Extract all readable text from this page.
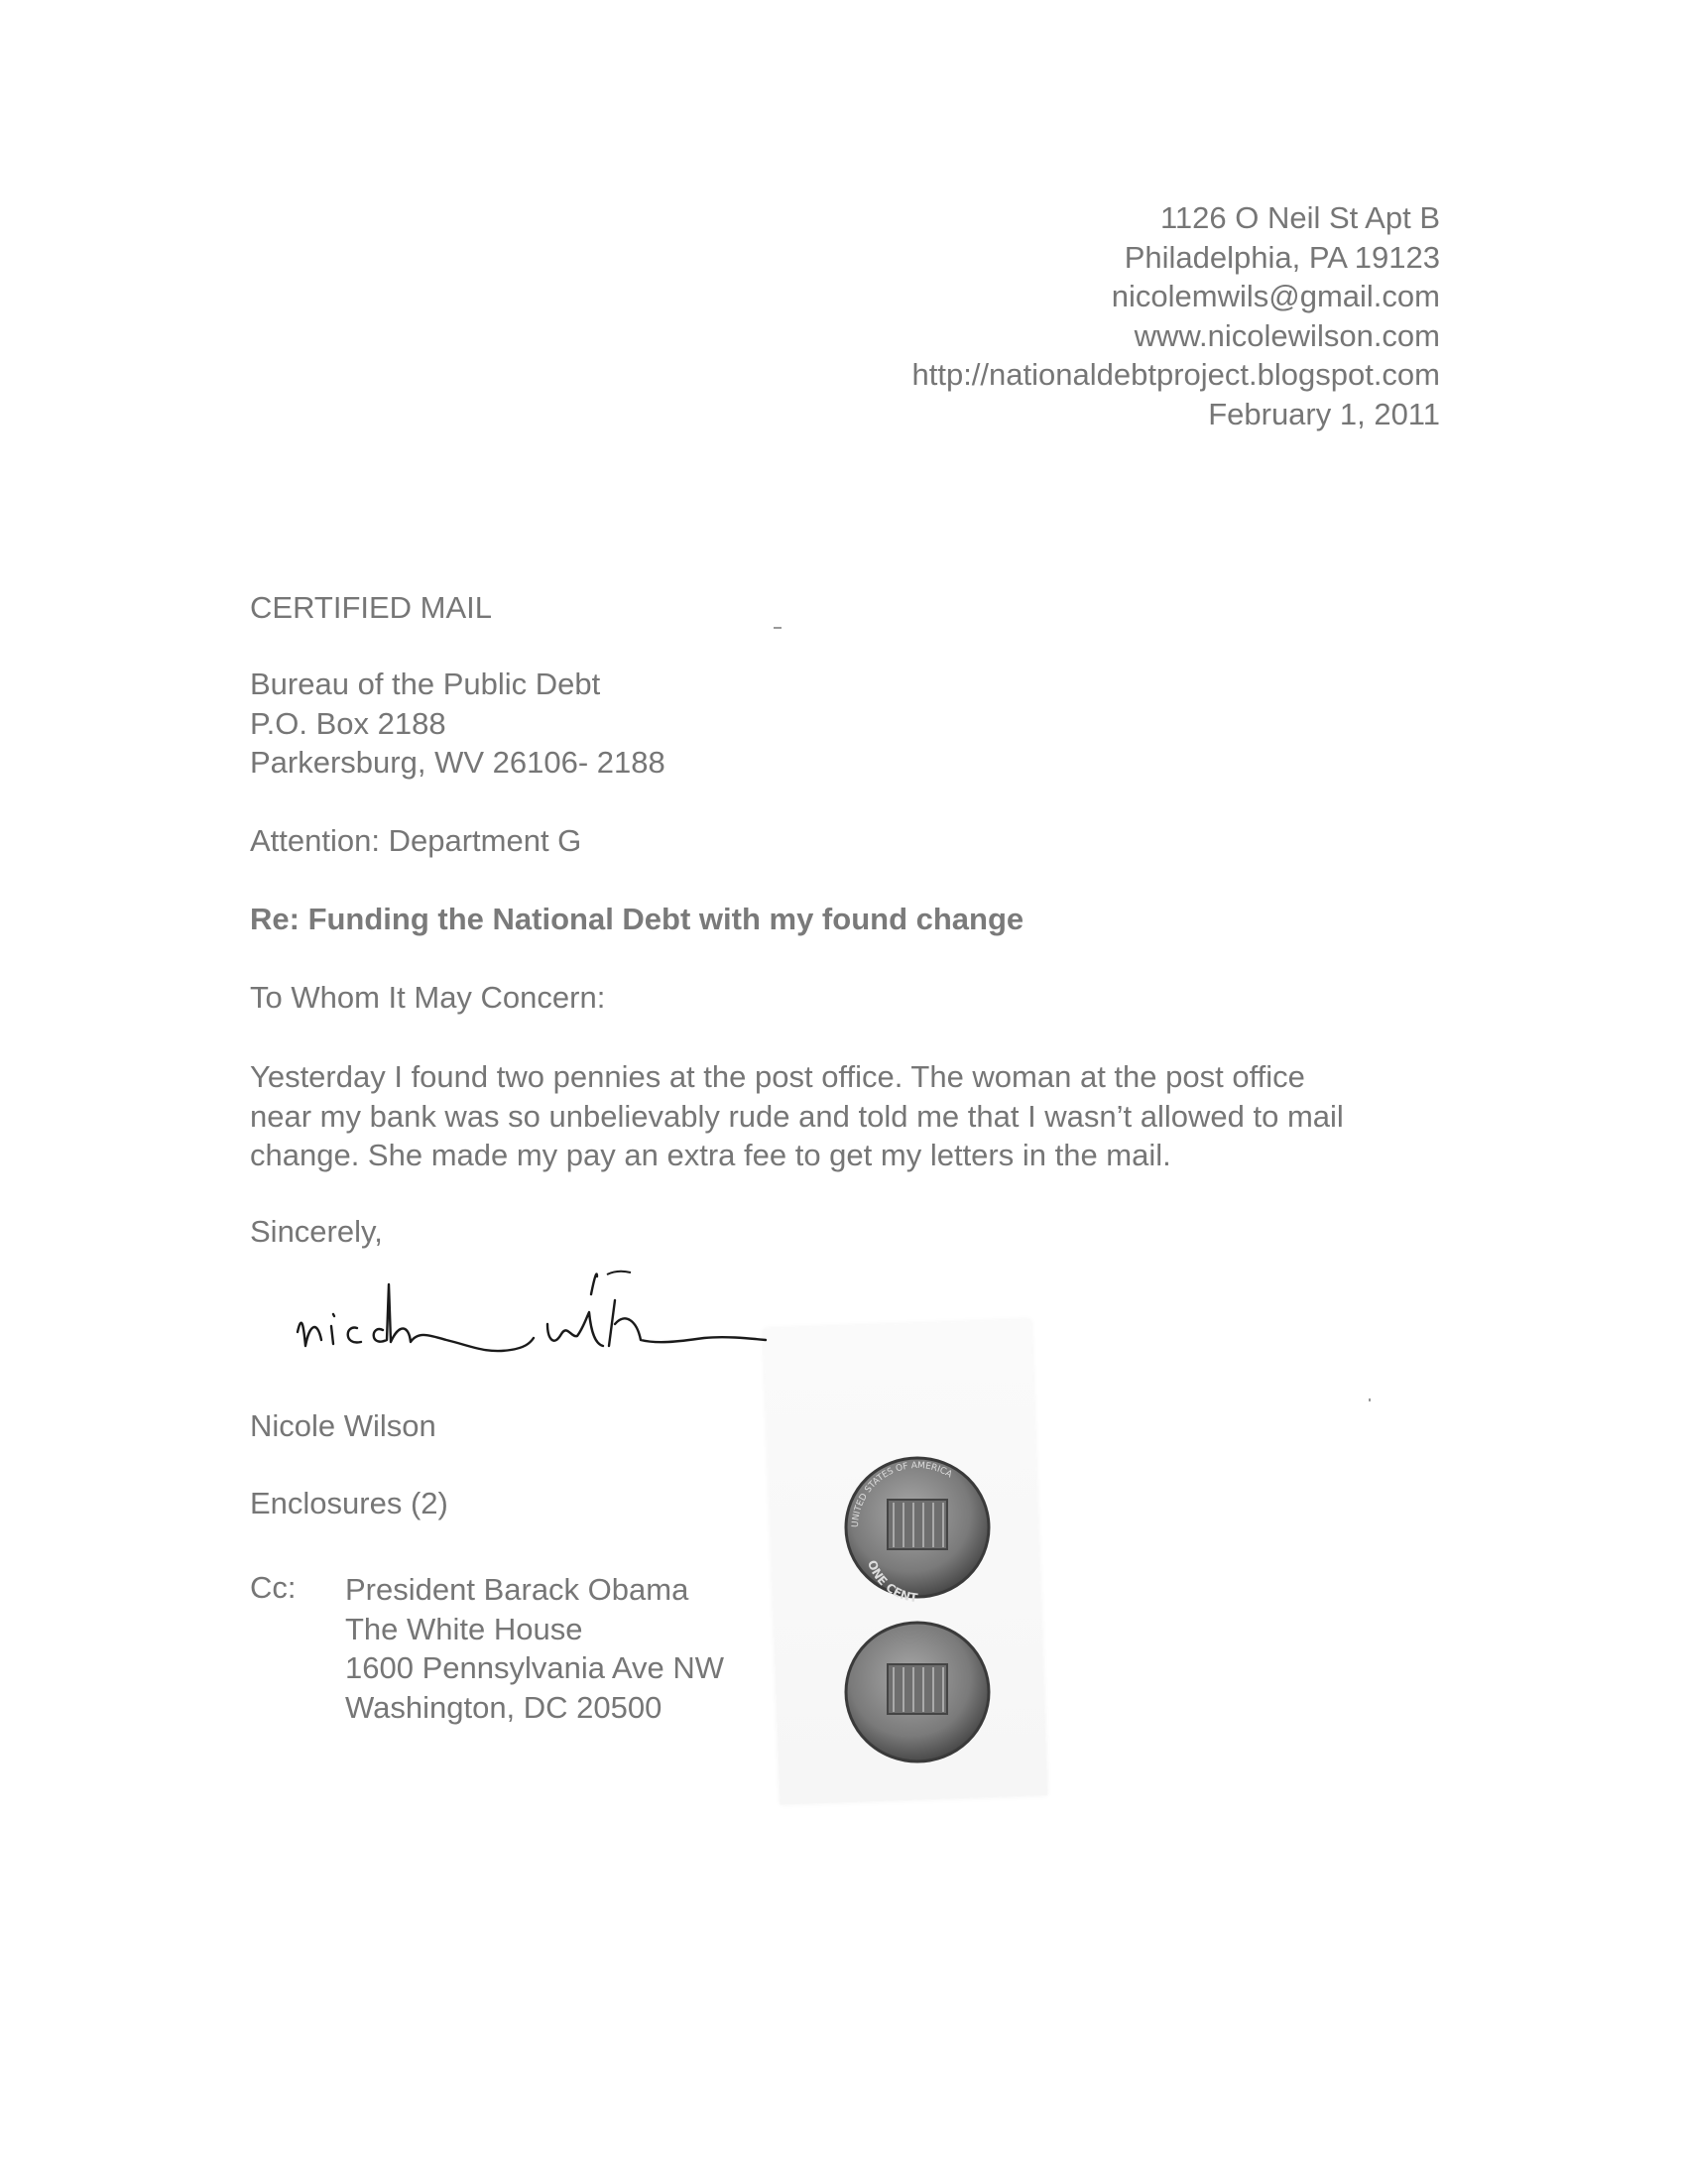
1126 O Neil St Apt B
Philadelphia, PA 19123
nicolemwils@gmail.com
www.nicolewilson.com
http://nationaldebtproject.blogspot.com
February 1, 2011
CERTIFIED MAIL
Bureau of the Public Debt
P.O. Box 2188
Parkersburg, WV 26106- 2188
Attention: Department G
Re: Funding the National Debt with my found change
To Whom It May Concern:
Yesterday I found two pennies at the post office. The woman at the post office
near my bank was so unbelievably rude and told me that I wasn’t allowed to mail
change. She made my pay an extra fee to get my letters in the mail.
Sincerely,
Nicole Wilson
Enclosures (2)
Cc: President Barack Obama
The White House
1600 Pennsylvania Ave NW
Washington, DC 20500
UNITED STATES OF AMERICA
ONE CENT
